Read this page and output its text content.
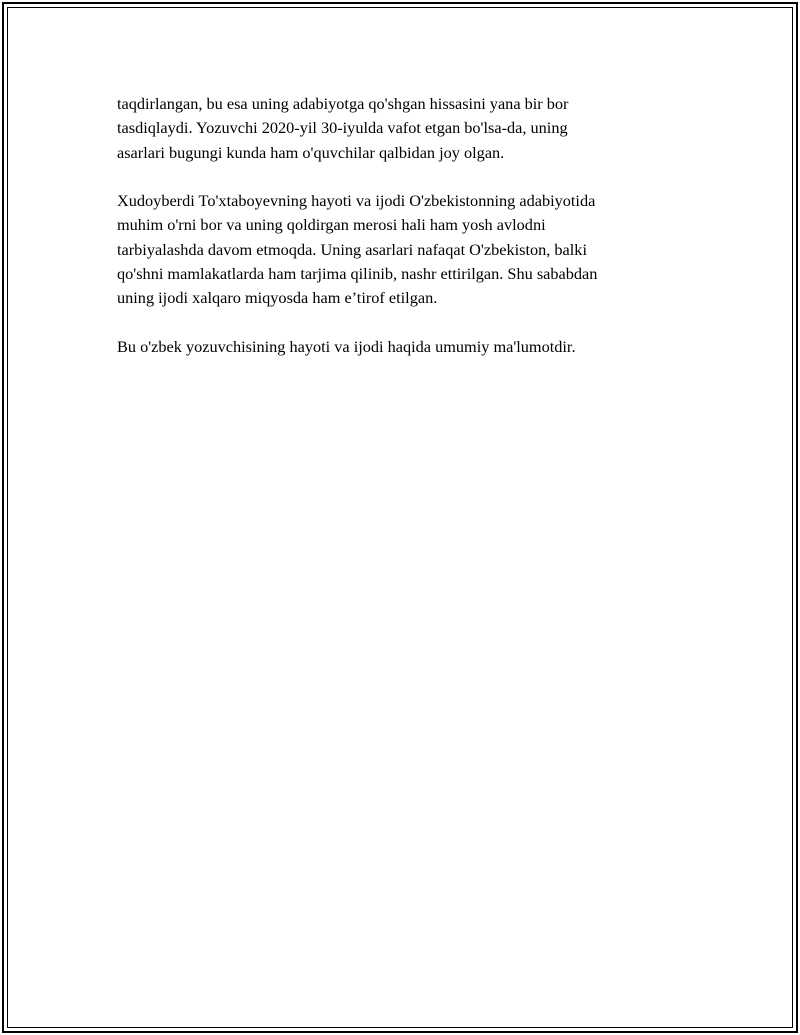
taqdirlangan, bu esa uning adabiyotga qo'shgan hissasini yana bir bor
tasdiqlaydi. Yozuvchi 2020-yil 30-iyulda vafot etgan bo'lsa-da, uning
asarlari bugungi kunda ham o'quvchilar qalbidan joy olgan.

Xudoyberdi To'xtaboyevning hayoti va ijodi O'zbekistonning adabiyotida
muhim o'rni bor va uning qoldirgan merosi hali ham yosh avlodni
tarbiyalashda davom etmoqda. Uning asarlari nafaqat O'zbekiston, balki
qo'shni mamlakatlarda ham tarjima qilinib, nashr ettirilgan. Shu sababdan
uning ijodi xalqaro miqyosda ham e’tirof etilgan.

Bu o'zbek yozuvchisining hayoti va ijodi haqida umumiy ma'lumotdir.
